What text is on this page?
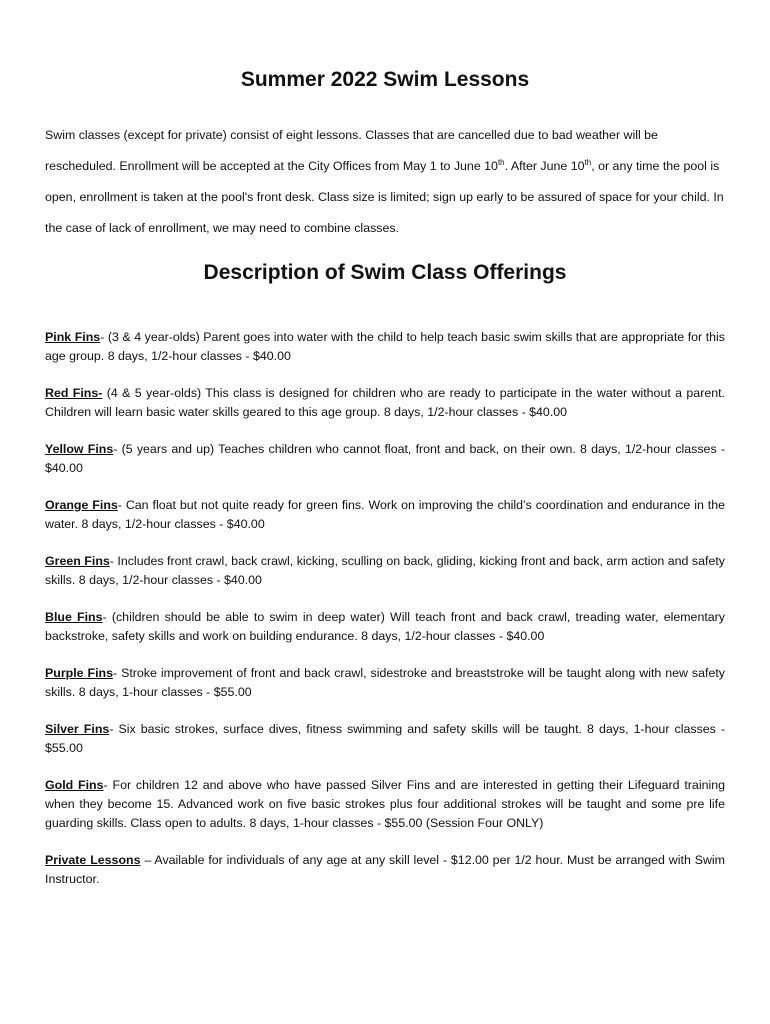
Summer 2022 Swim Lessons

Swim classes (except for private) consist of eight lessons. Classes that are cancelled due to bad weather will be rescheduled. Enrollment will be accepted at the City Offices from May 1 to June 10th. After June 10th, or any time the pool is open, enrollment is taken at the pool's front desk. Class size is limited; sign up early to be assured of space for your child. In the case of lack of enrollment, we may need to combine classes.

Description of Swim Class Offerings

Pink Fins- (3 & 4 year-olds) Parent goes into water with the child to help teach basic swim skills that are appropriate for this age group. 8 days, 1/2-hour classes - $40.00

Red Fins- (4 & 5 year-olds) This class is designed for children who are ready to participate in the water without a parent. Children will learn basic water skills geared to this age group. 8 days, 1/2-hour classes - $40.00

Yellow Fins- (5 years and up) Teaches children who cannot float, front and back, on their own. 8 days, 1/2-hour classes - $40.00

Orange Fins- Can float but not quite ready for green fins. Work on improving the child’s coordination and endurance in the water. 8 days, 1/2-hour classes - $40.00

Green Fins- Includes front crawl, back crawl, kicking, sculling on back, gliding, kicking front and back, arm action and safety skills. 8 days, 1/2-hour classes - $40.00

Blue Fins- (children should be able to swim in deep water) Will teach front and back crawl, treading water, elementary backstroke, safety skills and work on building endurance. 8 days, 1/2-hour classes - $40.00

Purple Fins- Stroke improvement of front and back crawl, sidestroke and breaststroke will be taught along with new safety skills. 8 days, 1-hour classes - $55.00

Silver Fins- Six basic strokes, surface dives, fitness swimming and safety skills will be taught. 8 days, 1-hour classes - $55.00

Gold Fins- For children 12 and above who have passed Silver Fins and are interested in getting their Lifeguard training when they become 15. Advanced work on five basic strokes plus four additional strokes will be taught and some pre life guarding skills. Class open to adults. 8 days, 1-hour classes - $55.00 (Session Four ONLY)

Private Lessons – Available for individuals of any age at any skill level - $12.00 per 1/2 hour. Must be arranged with Swim Instructor.
